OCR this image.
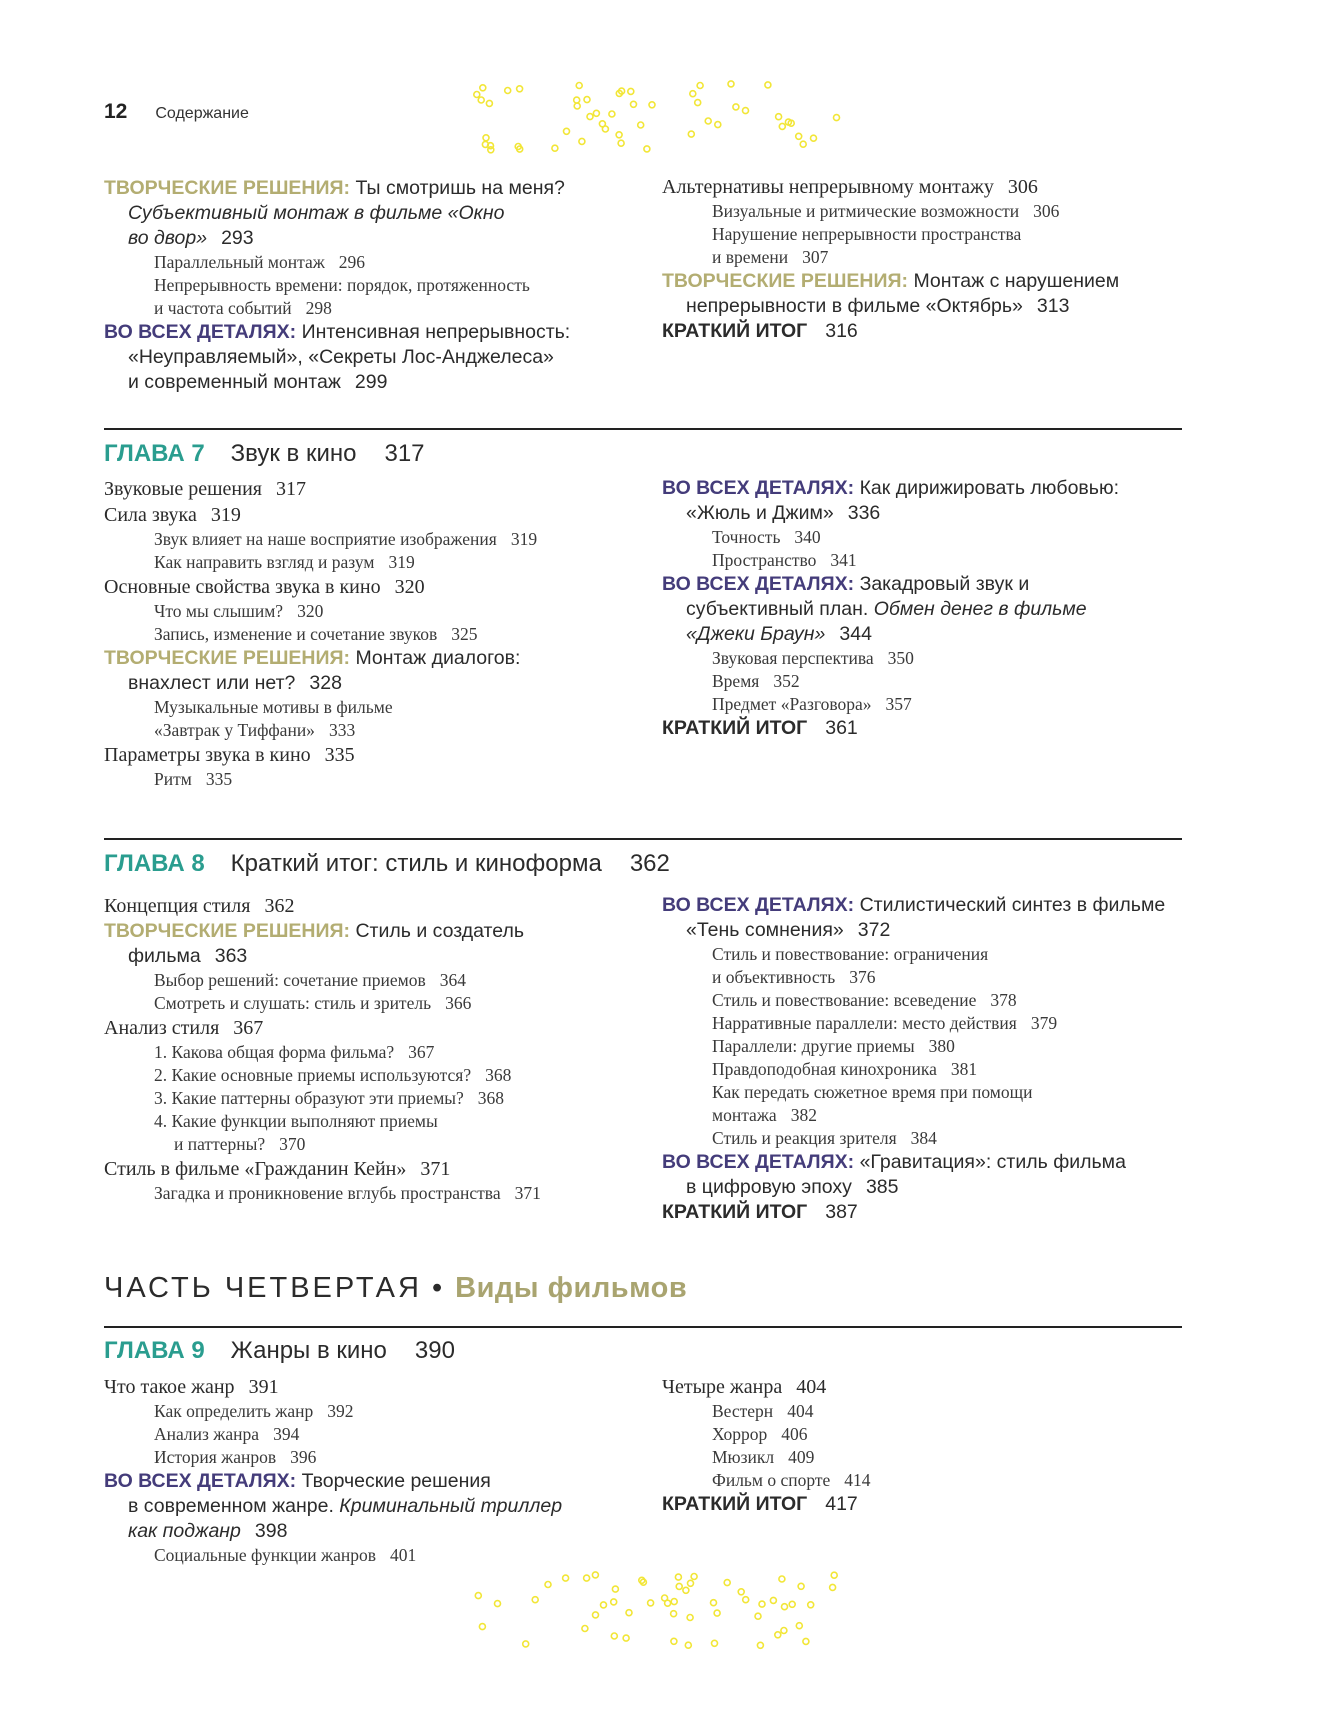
12 Содержание
ТВОРЧЕСКИЕ РЕШЕНИЯ: Ты смотришь на меня?
Субъективный монтаж в фильме «Окно
во двор» 293
Параллельный монтаж 296
Непрерывность времени: порядок, протяженность
и частота событий 298
ВО ВСЕХ ДЕТАЛЯХ: Интенсивная непрерывность:
«Неуправляемый», «Секреты Лос-Анджелеса»
и современный монтаж 299
Альтернативы непрерывному монтажу 306
Визуальные и ритмические возможности 306
Нарушение непрерывности пространства
и времени 307
ТВОРЧЕСКИЕ РЕШЕНИЯ: Монтаж с нарушением
непрерывности в фильме «Октябрь» 313
КРАТКИЙ ИТОГ 316
ГЛАВА 7 Звук в кино 317
Звуковые решения 317
Сила звука 319
Звук влияет на наше восприятие изображения 319
Как направить взгляд и разум 319
Основные свойства звука в кино 320
Что мы слышим? 320
Запись, изменение и сочетание звуков 325
ТВОРЧЕСКИЕ РЕШЕНИЯ: Монтаж диалогов:
внахлест или нет? 328
Музыкальные мотивы в фильме
«Завтрак у Тиффани» 333
Параметры звука в кино 335
Ритм 335
ВО ВСЕХ ДЕТАЛЯХ: Как дирижировать любовью:
«Жюль и Джим» 336
Точность 340
Пространство 341
ВО ВСЕХ ДЕТАЛЯХ: Закадровый звук и
субъективный план. Обмен денег в фильме
«Джеки Браун» 344
Звуковая перспектива 350
Время 352
Предмет «Разговора» 357
КРАТКИЙ ИТОГ 361
ГЛАВА 8 Краткий итог: стиль и киноформа 362
Концепция стиля 362
ТВОРЧЕСКИЕ РЕШЕНИЯ: Стиль и создатель
фильма 363
Выбор решений: сочетание приемов 364
Смотреть и слушать: стиль и зритель 366
Анализ стиля 367
1. Какова общая форма фильма? 367
2. Какие основные приемы используются? 368
3. Какие паттерны образуют эти приемы? 368
4. Какие функции выполняют приемы
и паттерны? 370
Стиль в фильме «Гражданин Кейн» 371
Загадка и проникновение вглубь пространства 371
ВО ВСЕХ ДЕТАЛЯХ: Стилистический синтез в фильме
«Тень сомнения» 372
Стиль и повествование: ограничения
и объективность 376
Стиль и повествование: всеведение 378
Нарративные параллели: место действия 379
Параллели: другие приемы 380
Правдоподобная кинохроника 381
Как передать сюжетное время при помощи
монтажа 382
Стиль и реакция зрителя 384
ВО ВСЕХ ДЕТАЛЯХ: «Гравитация»: стиль фильма
в цифровую эпоху 385
КРАТКИЙ ИТОГ 387
ЧАСТЬ ЧЕТВЕРТАЯ • Виды фильмов
ГЛАВА 9 Жанры в кино 390
Что такое жанр 391
Как определить жанр 392
Анализ жанра 394
История жанров 396
ВО ВСЕХ ДЕТАЛЯХ: Творческие решения
в современном жанре. Криминальный триллер
как поджанр 398
Социальные функции жанров 401
Четыре жанра 404
Вестерн 404
Хоррор 406
Мюзикл 409
Фильм о спорте 414
КРАТКИЙ ИТОГ 417
